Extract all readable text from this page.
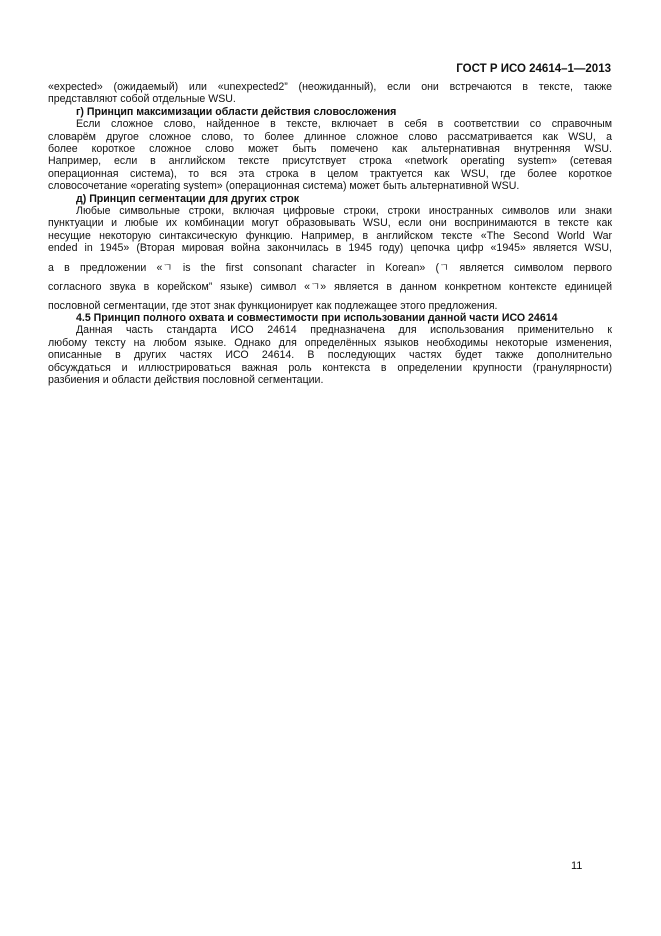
ГОСТ Р ИСО 24614–1—2013
«expected» (ожидаемый) или «unexpected2” (неожиданный), если они встречаются в тексте, также
представляют собой отдельные WSU.
г) Принцип максимизации области действия словосложения
Если сложное слово, найденное в тексте, включает в себя в соответствии со справочным
словарём другое сложное слово, то более длинное сложное слово рассматривается как WSU, а
более короткое сложное слово может быть помечено как альтернативная внутренняя WSU.
Например, если в английском тексте присутствует строка «network operating system» (сетевая
операционная система), то вся эта строка в целом трактуется как WSU, где более короткое
словосочетание «operating system» (операционная система) может быть альтернативной WSU.
д) Принцип сегментации для других строк
Любые символьные строки, включая цифровые строки, строки иностранных символов или знаки
пунктуации и любые их комбинации могут образовывать WSU, если они воспринимаются в тексте как
несущие некоторую синтаксическую функцию. Например, в английском тексте «The Second World War
ended in 1945» (Вторая мировая война закончилась в 1945 году) цепочка цифр «1945» является WSU,
а в предложении «ㄱ is the first consonant character in Korean» (ㄱ является символом первого
согласного звука в корейском” языке) символ «ㄱ» является в данном конкретном контексте единицей
пословной сегментации, где этот знак функционирует как подлежащее этого предложения.
4.5 Принцип полного охвата и совместимости при использовании данной части ИСО 24614
Данная часть стандарта ИСО 24614 предназначена для использования применительно к
любому тексту на любом языке. Однако для определённых языков необходимы некоторые изменения,
описанные в других частях ИСО 24614. В последующих частях будет также дополнительно
обсуждаться и иллюстрироваться важная роль контекста в определении крупности (гранулярности)
разбиения и области действия пословной сегментации.
11
